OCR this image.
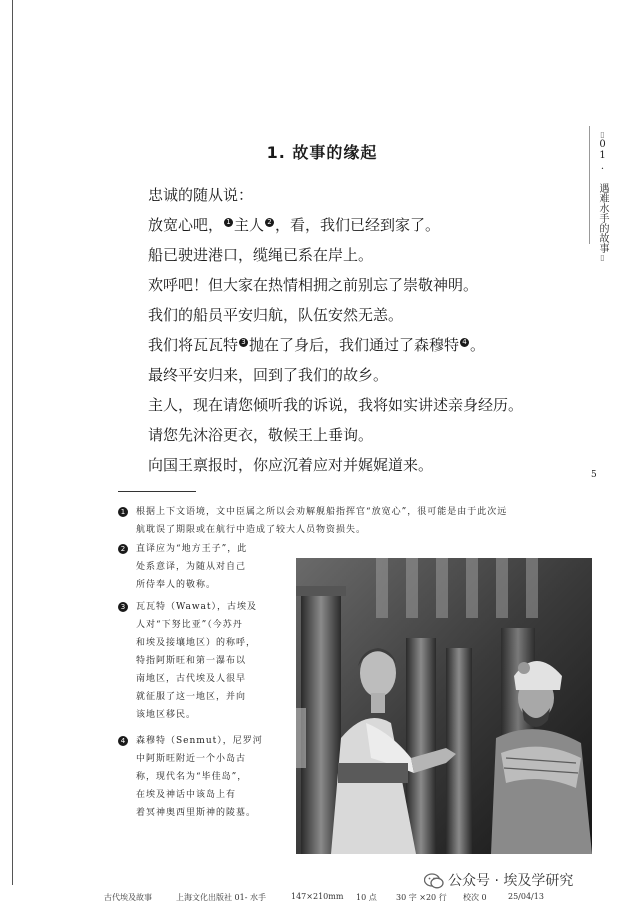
▯01. 遇难水手的故事▯
5
1. 故事的缘起
忠诚的随从说：
放宽心吧， 1 主人 2 ，看，我们已经到家了。
船已驶进港口，缆绳已系在岸上。
欢呼吧！但大家在热情相拥之前别忘了崇敬神明。
我们的船员平安归航，队伍安然无恙。
我们将瓦瓦特 3 抛在了身后，我们通过了森穆特 4 。
最终平安归来，回到了我们的故乡。
主人，现在请您倾听我的诉说，我将如实讲述亲身经历。
请您先沐浴更衣，敬候王上垂询。
向国王禀报时，你应沉着应对并娓娓道来。
1	根据上下文语境，文中臣属之所以会劝解舰船指挥官“放宽心”，很可能是由于此次远
航耽误了期限或在航行中造成了较大人员物资损失。
2	直译应为“地方王子”，此
处系意译，为随从对自己
所侍奉人的敬称。
3	瓦瓦特（Wawat），古埃及
人对“下努比亚”（今苏丹
和埃及接壤地区）的称呼，
特指阿斯旺和第一瀑布以
南地区，古代埃及人很早
就征服了这一地区，并向
该地区移民。
4	森穆特（Senmut），尼罗河
中阿斯旺附近一个小岛古
称，现代名为“毕佳岛”，
在埃及神话中该岛上有
着冥神奥西里斯神的陵墓。
古代埃及故事	上海文化出版社 01- 水手	147×210mm 10 点 30 字 ×20 行 校次 0	25/04/13
公众号 · 埃及学研究
